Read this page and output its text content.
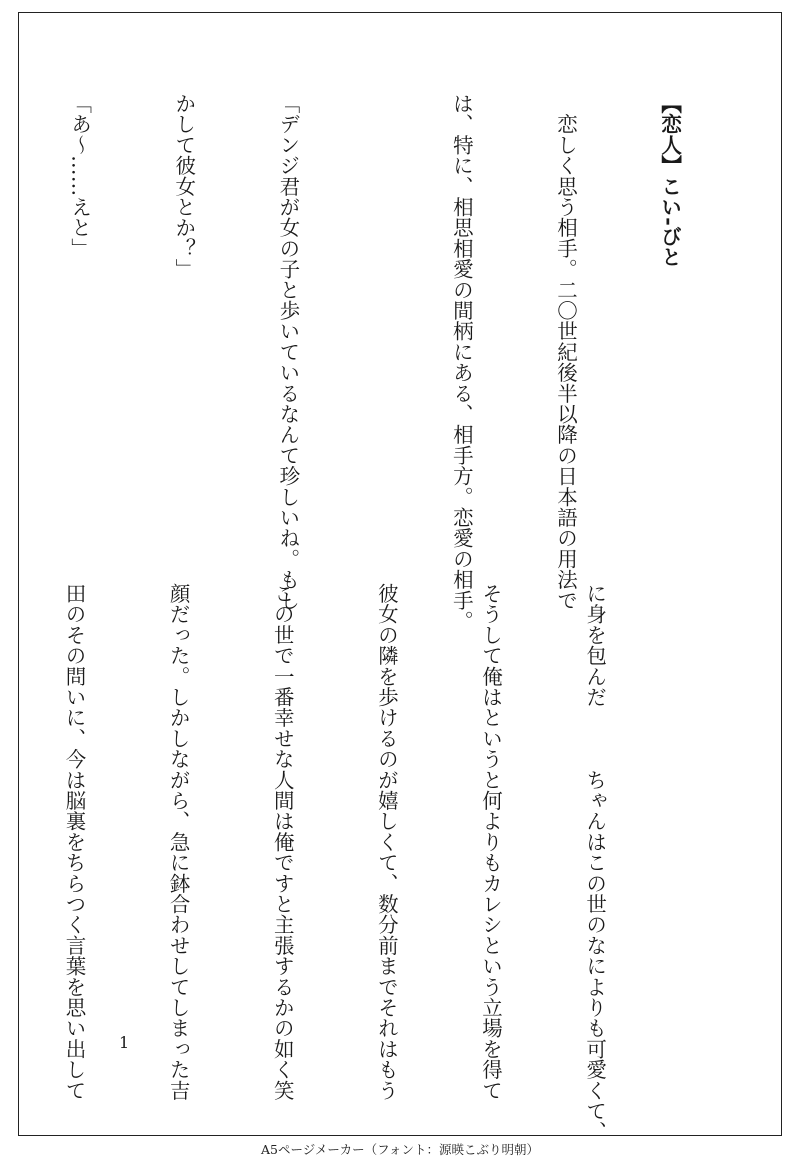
【恋人】こい‐びと

　恋しく思う相手。二〇世紀後半以降の日本語の用法で

は、特に、相思相愛の間柄にある、相手方。恋愛の相手。

「デンジ君が女の子と歩いているなんて珍しいね。もし

かして彼女とか？」

「あ〜……えと」

に身を包んだ　　　ちゃんはこの世のなによりも可愛くて、

そうして俺はというと何よりもカレシという立場を得て

彼女の隣を歩けるのが嬉しくて、数分前までそれはもう

この世で一番幸せな人間は俺ですと主張するかの如く笑

顔だった。しかしながら、急に鉢合わせしてしまった吉

田のその問いに、今は脳裏をちらつく言葉を思い出して

	1
A5ページメーカー（フォント：源暎こぶり明朝）
